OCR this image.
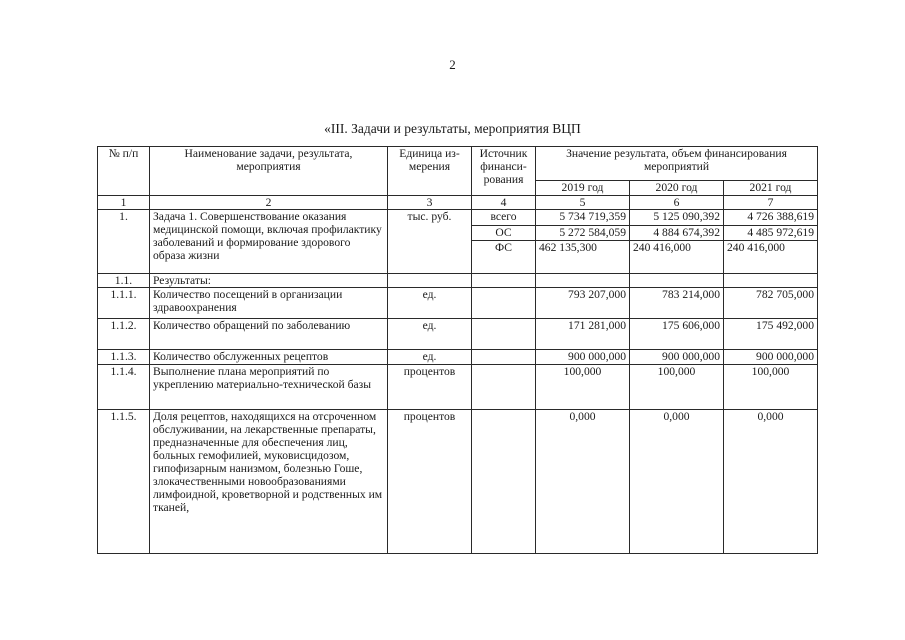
2
«III. Задачи и результаты, мероприятия ВЦП
№ п/п	Наименование задачи, результата, мероприятия	Единица из- мерения	Источник финанси- рования	Значение результата, объем финансирования мероприятий		
				2019 год	2020 год	2021 год
1	2	3	4	5	6	7
1.	Задача 1. Совершенствование оказания медицинской помощи, включая профилактику заболеваний и формирование здорового образа жизни	тыс. руб.	всего	5 734 719,359	5 125 090,392	4 726 388,619
			ОС	5 272 584,059	4 884 674,392	4 485 972,619
			ФС	462 135,300	240 416,000	240 416,000
1.1.	Результаты:					
1.1.1.	Количество посещений в организации здравоохранения	ед.		793 207,000	783 214,000	782 705,000
1.1.2.	Количество обращений по заболеванию	ед.		171 281,000	175 606,000	175 492,000
1.1.3.	Количество обслуженных рецептов	ед.		900 000,000	900 000,000	900 000,000
1.1.4.	Выполнение плана мероприятий по укреплению материально-технической базы	процентов		100,000	100,000	100,000
1.1.5.	Доля рецептов, находящихся на отсроченном обслуживании, на лекарственные препараты, предназначенные для обеспечения лиц, больных гемофилией, муковисцидозом, гипофизарным нанизмом, болезнью Гоше, злокачественными новообразованиями лимфоидной, кроветворной и родственных им тканей,	процентов		0,000	0,000	0,000
